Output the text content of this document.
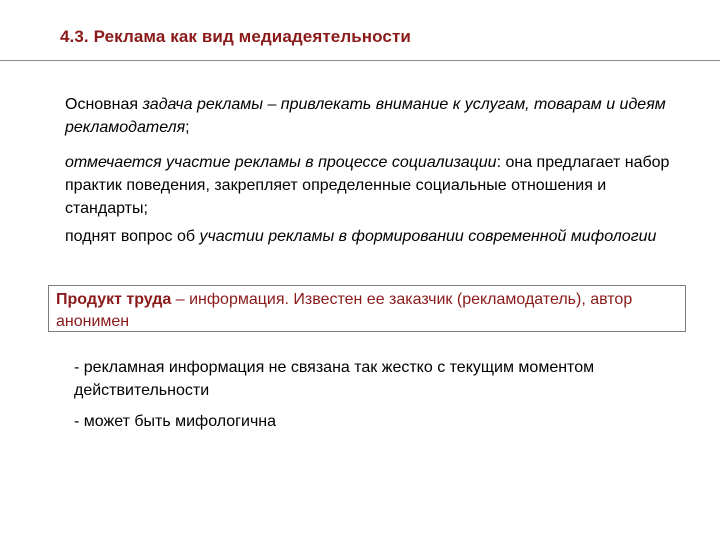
4.3. Реклама как вид медиадеятельности
Основная задача рекламы – привлекать внимание к услугам, товарам и идеям рекламодателя;
отмечается участие рекламы в процессе социализации: она предлагает набор практик поведения, закрепляет определенные социальные отношения и стандарты;
поднят вопрос об участии рекламы в формировании современной мифологии
Продукт труда – информация. Известен ее заказчик (рекламодатель), автор анонимен
- рекламная информация не связана так жестко с текущим моментом действительности
- может быть мифологична
